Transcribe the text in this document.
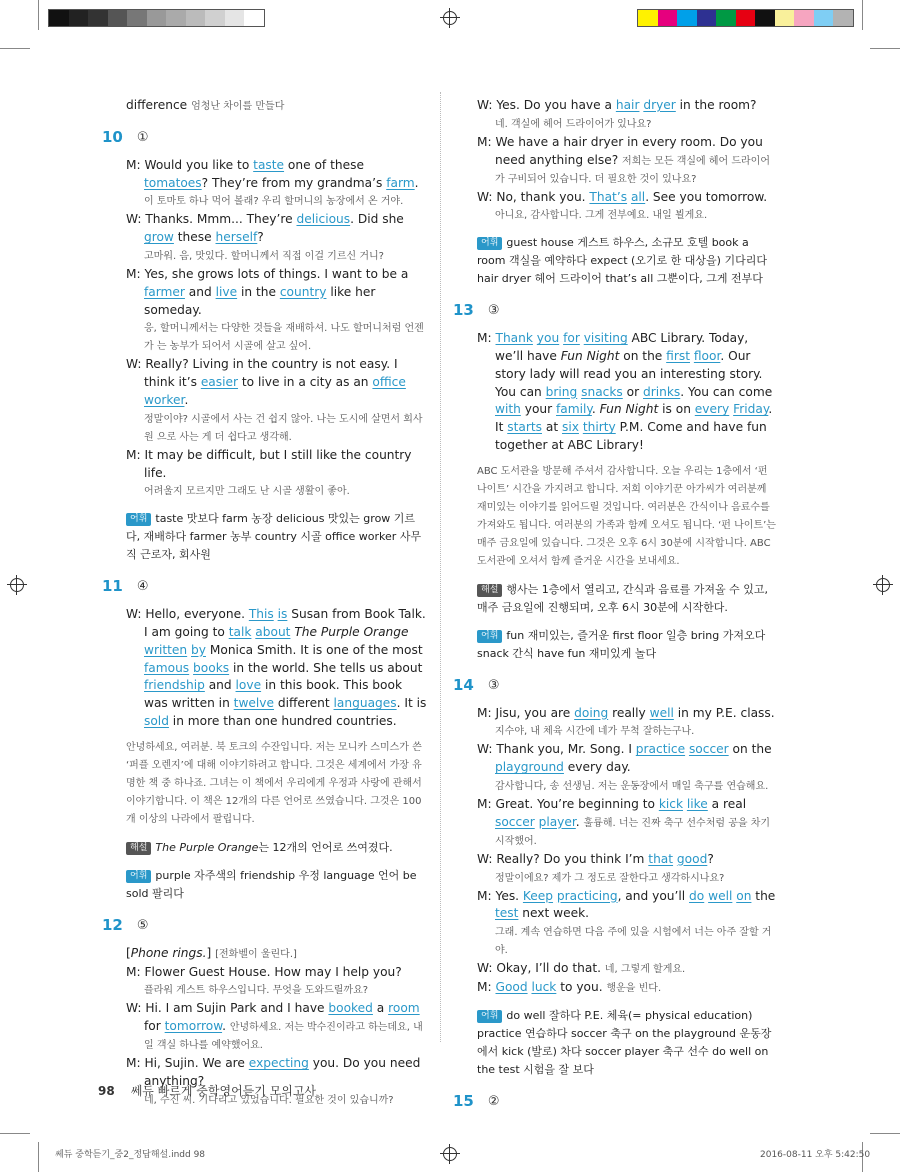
difference 엄청난 차이를 만들다
10 ①
M: Would you like to taste one of these tomatoes? They’re from my grandma’s farm.
이 토마토 하나 먹어 볼래? 우리 할머니의 농장에서 온 거야.
W: Thanks. Mmm... They’re delicious. Did she grow these herself?
고마워. 음, 맛있다. 할머니께서 직접 이걸 기르신 거니?
M: Yes, she grows lots of things. I want to be a farmer and live in the country like her someday.
응, 할머니께서는 다양한 것들을 재배하셔. 나도 할머니처럼 언젠가 는 농부가 되어서 시골에 살고 싶어.
W: Really? Living in the country is not easy. I think it’s easier to live in a city as an office worker.
정말이야? 시골에서 사는 건 쉽지 않아. 나는 도시에 살면서 회사원 으로 사는 게 더 쉽다고 생각해.
M: It may be difficult, but I still like the country life.
어려울지 모르지만 그래도 난 시골 생활이 좋아.
어휘 taste 맛보다 farm 농장 delicious 맛있는 grow 기르다, 재배하다 farmer 농부 country 시골 office worker 사무직 근로자, 회사원
11 ④
W: Hello, everyone. This is Susan from Book Talk. I am going to talk about The Purple Orange written by Monica Smith. It is one of the most famous books in the world. She tells us about friendship and love in this book. This book was written in twelve different languages. It is sold in more than one hundred countries.
안녕하세요, 여러분. 북 토크의 수잔입니다. 저는 모니카 스미스가 쓴 ‘퍼플 오렌지’에 대해 이야기하려고 합니다. 그것은 세계에서 가장 유명한 책 중 하나죠. 그녀는 이 책에서 우리에게 우정과 사랑에 관해서 이야기합니다. 이 책은 12개의 다른 언어로 쓰였습니다. 그것은 100개 이상의 나라에서 팔립니다.
해설 The Purple Orange는 12개의 언어로 쓰여졌다.
어휘 purple 자주색의 friendship 우정 language 언어 be sold 팔리다
12 ⑤
[Phone rings.] [전화벨이 울린다.]
M: Flower Guest House. How may I help you?
플라워 게스트 하우스입니다. 무엇을 도와드릴까요?
W: Hi. I am Sujin Park and I have booked a room for tomorrow. 안녕하세요. 저는 박수진이라고 하는데요, 내일 객실 하나를 예약했어요.
M: Hi, Sujin. We are expecting you. Do you need anything?
네, 수진 씨. 기다리고 있었습니다. 필요한 것이 있습니까?
W: Yes. Do you have a hair dryer in the room?
네. 객실에 헤어 드라이어가 있나요?
M: We have a hair dryer in every room. Do you need anything else? 저희는 모든 객실에 헤어 드라이어가 구비되어 있습니다. 더 필요한 것이 있나요?
W: No, thank you. That’s all. See you tomorrow.
아니요, 감사합니다. 그게 전부예요. 내일 뵐게요.
어휘 guest house 게스트 하우스, 소규모 호텔 book a room 객실을 예약하다 expect (오기로 한 대상을) 기다리다 hair dryer 헤어 드라이어 that’s all 그뿐이다, 그게 전부다
13 ③
M: Thank you for visiting ABC Library. Today, we’ll have Fun Night on the first floor. Our story lady will read you an interesting story. You can bring snacks or drinks. You can come with your family. Fun Night is on every Friday. It starts at six thirty P.M. Come and have fun together at ABC Library!
ABC 도서관을 방문해 주셔서 감사합니다. 오늘 우리는 1층에서 ‘펀 나이트’ 시간을 가지려고 합니다. 저희 이야기꾼 아가씨가 여러분께 재미있는 이야기를 읽어드릴 것입니다. 여러분은 간식이나 음료수를 가져와도 됩니다. 여러분의 가족과 함께 오셔도 됩니다. ‘펀 나이트’는 매주 금요일에 있습니다. 그것은 오후 6시 30분에 시작합니다. ABC 도서관에 오셔서 함께 즐거운 시간을 보내세요.
해설 행사는 1층에서 열리고, 간식과 음료를 가져올 수 있고, 매주 금요일에 진행되며, 오후 6시 30분에 시작한다.
어휘 fun 재미있는, 즐거운 first floor 일층 bring 가져오다 snack 간식 have fun 재미있게 놀다
14 ③
M: Jisu, you are doing really well in my P.E. class.
지수야, 내 체육 시간에 네가 무척 잘하는구나.
W: Thank you, Mr. Song. I practice soccer on the playground every day.
감사합니다, 송 선생님. 저는 운동장에서 매일 축구를 연습해요.
M: Great. You’re beginning to kick like a real soccer player. 훌륭해. 너는 진짜 축구 선수처럼 공을 차기 시작했어.
W: Really? Do you think I’m that good?
정말이에요? 제가 그 정도로 잘한다고 생각하시나요?
M: Yes. Keep practicing, and you’ll do well on the test next week.
그래. 계속 연습하면 다음 주에 있을 시험에서 너는 아주 잘할 거야.
W: Okay, I’ll do that. 네, 그렇게 할게요.
M: Good luck to you. 행운을 빈다.
어휘 do well 잘하다 P.E. 체육(= physical education) practice 연습하다 soccer 축구 on the playground 운동장에서 kick (발로) 차다 soccer player 축구 선수 do well on the test 시험을 잘 보다
15 ②
98 쎄듀 빠르게 중학영어듣기 모의고사
쎄듀 중학듣기_중2_정답해설.indd 98	2016-08-11 오후 5:42:50
